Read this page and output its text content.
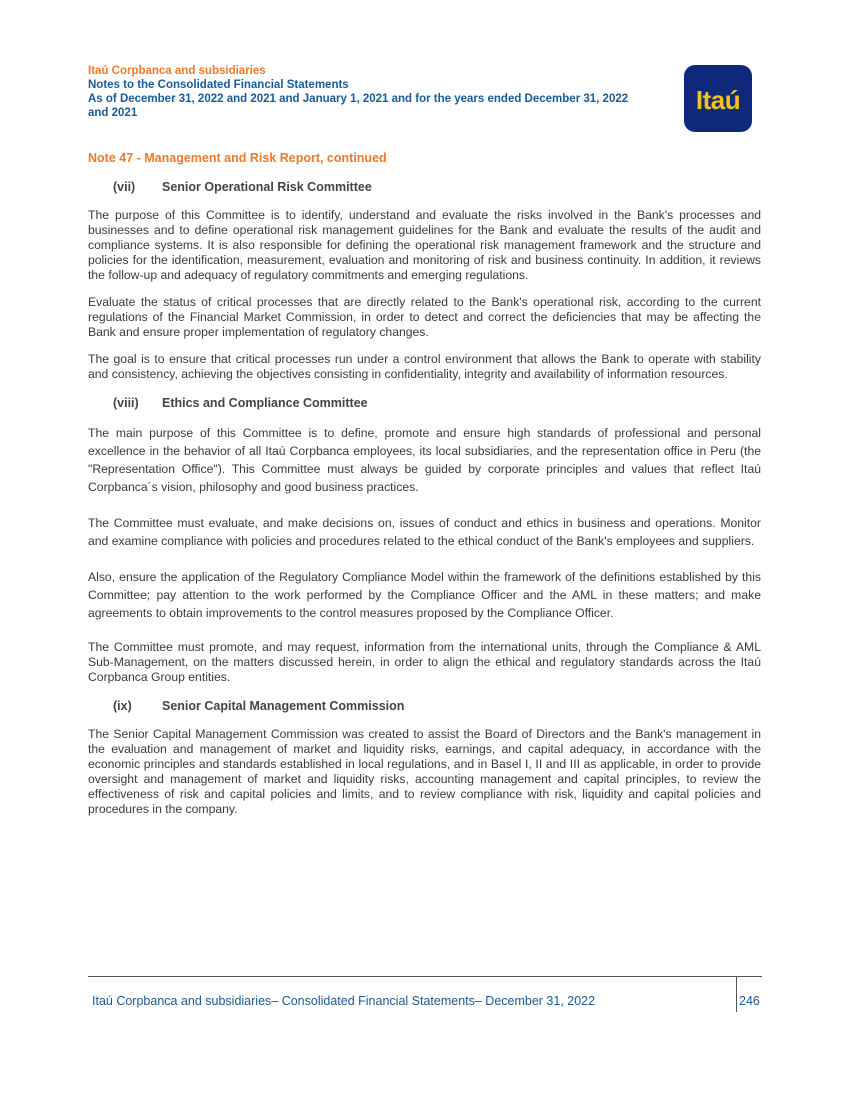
Itaú Corpbanca and subsidiaries
Notes to the Consolidated Financial Statements
As of December 31, 2022 and 2021 and January 1, 2021 and for the years ended December 31, 2022
and 2021	Itaú
Note 47 - Management and Risk Report, continued
(vii) Senior Operational Risk Committee

The purpose of this Committee is to identify, understand and evaluate the risks involved in the Bank's processes and businesses and to define operational risk management guidelines for the Bank and evaluate the results of the audit and compliance systems. It is also responsible for defining the operational risk management framework and the structure and policies for the identification, measurement, evaluation and monitoring of risk and business continuity. In addition, it reviews the follow-up and adequacy of regulatory commitments and emerging regulations.

Evaluate the status of critical processes that are directly related to the Bank's operational risk, according to the current regulations of the Financial Market Commission, in order to detect and correct the deficiencies that may be affecting the Bank and ensure proper implementation of regulatory changes.

The goal is to ensure that critical processes run under a control environment that allows the Bank to operate with stability and consistency, achieving the objectives consisting in confidentiality, integrity and availability of information resources.

(viii) Ethics and Compliance Committee

The main purpose of this Committee is to define, promote and ensure high standards of professional and personal excellence in the behavior of all Itaú Corpbanca employees, its local subsidiaries, and the representation office in Peru (the "Representation Office"). This Committee must always be guided by corporate principles and values that reflect Itaú Corpbanca´s vision, philosophy and good business practices.

The Committee must evaluate, and make decisions on, issues of conduct and ethics in business and operations. Monitor and examine compliance with policies and procedures related to the ethical conduct of the Bank's employees and suppliers.

Also, ensure the application of the Regulatory Compliance Model within the framework of the definitions established by this Committee; pay attention to the work performed by the Compliance Officer and the AML in these matters; and make agreements to obtain improvements to the control measures proposed by the Compliance Officer.

The Committee must promote, and may request, information from the international units, through the Compliance & AML Sub-Management, on the matters discussed herein, in order to align the ethical and regulatory standards across the Itaú Corpbanca Group entities.

(ix) Senior Capital Management Commission

The Senior Capital Management Commission was created to assist the Board of Directors and the Bank's management in the evaluation and management of market and liquidity risks, earnings, and capital adequacy, in accordance with the economic principles and standards established in local regulations, and in Basel I, II and III as applicable, in order to provide oversight and management of market and liquidity risks, accounting management and capital principles, to review the effectiveness of risk and capital policies and limits, and to review compliance with risk, liquidity and capital policies and procedures in the company.

Itaú Corpbanca and subsidiaries– Consolidated Financial Statements– December 31, 2022	246
